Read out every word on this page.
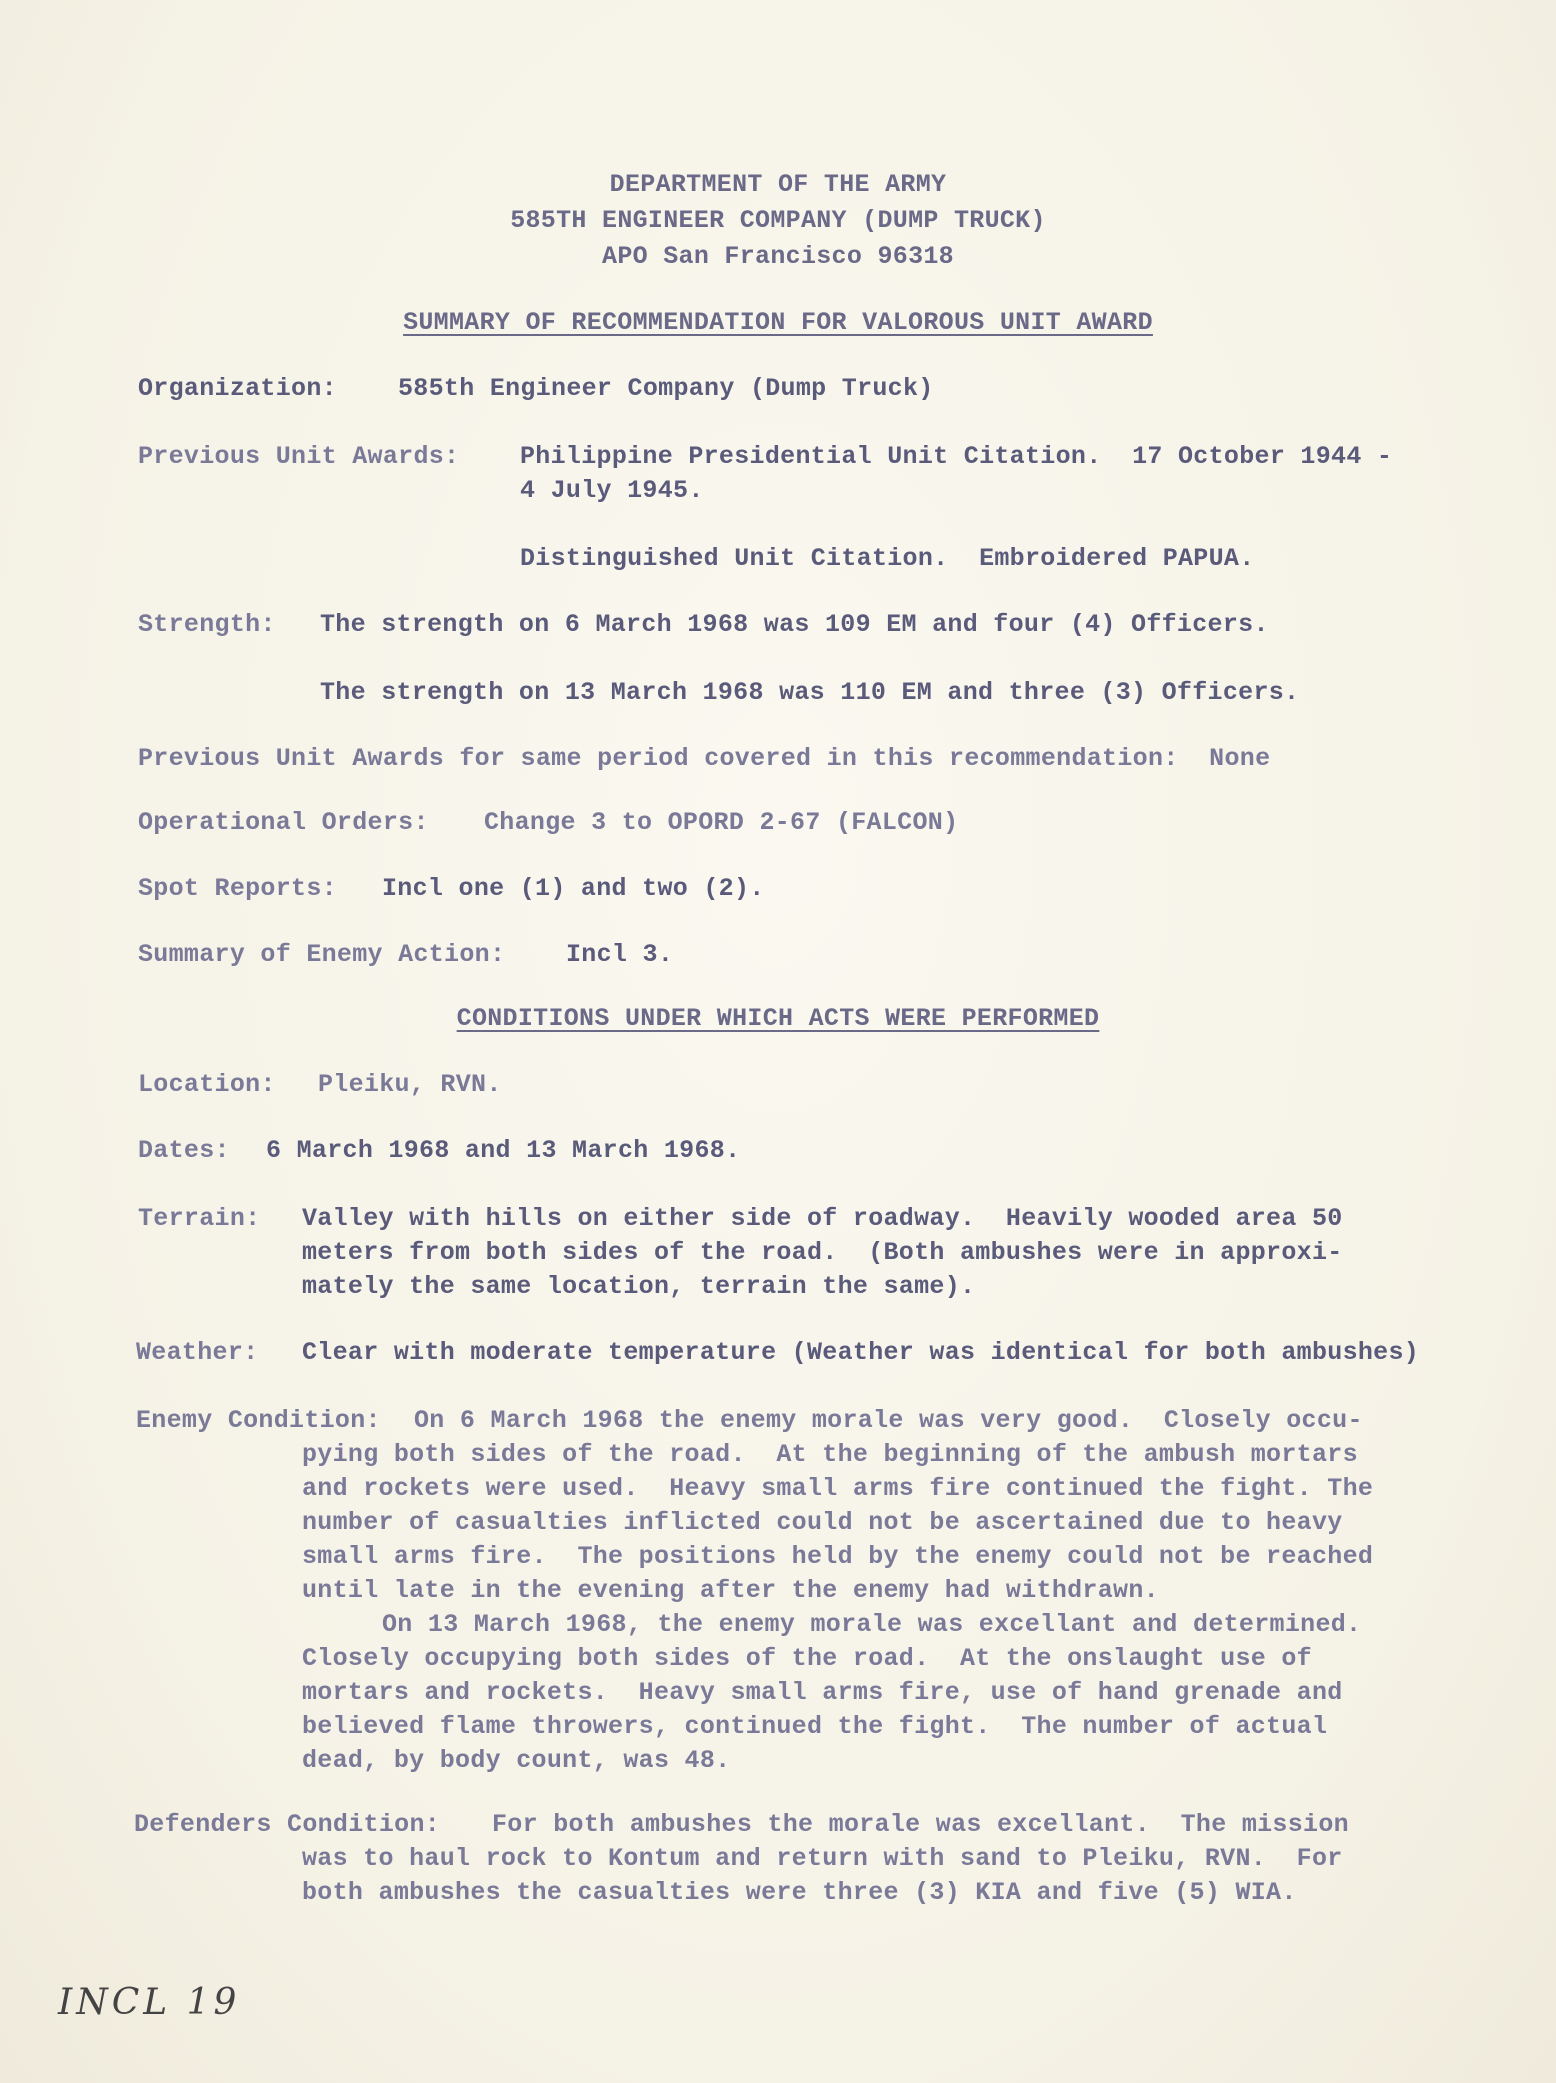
DEPARTMENT OF THE ARMY
585TH ENGINEER COMPANY (DUMP TRUCK)
APO San Francisco 96318
SUMMARY OF RECOMMENDATION FOR VALOROUS UNIT AWARD
Organization: 585th Engineer Company (Dump Truck)
Previous Unit Awards: Philippine Presidential Unit Citation.  17 October 1944 -
4 July 1945.
Distinguished Unit Citation.  Embroidered PAPUA.
Strength: The strength on 6 March 1968 was 109 EM and four (4) Officers.
The strength on 13 March 1968 was 110 EM and three (3) Officers.
Previous Unit Awards for same period covered in this recommendation:  None
Operational Orders: Change 3 to OPORD 2-67 (FALCON)
Spot Reports: Incl one (1) and two (2).
Summary of Enemy Action: Incl 3.
CONDITIONS UNDER WHICH ACTS WERE PERFORMED
Location: Pleiku, RVN.
Dates: 6 March 1968 and 13 March 1968.
Terrain: Valley with hills on either side of roadway.  Heavily wooded area 50
meters from both sides of the road.  (Both ambushes were in approxi-
mately the same location, terrain the same).
Weather: Clear with moderate temperature (Weather was identical for both ambushes)
Enemy Condition: On 6 March 1968 the enemy morale was very good.  Closely occu-
pying both sides of the road.  At the beginning of the ambush mortars
and rockets were used.  Heavy small arms fire continued the fight. The
number of casualties inflicted could not be ascertained due to heavy
small arms fire.  The positions held by the enemy could not be reached
until late in the evening after the enemy had withdrawn.
On 13 March 1968, the enemy morale was excellant and determined.
Closely occupying both sides of the road.  At the onslaught use of
mortars and rockets.  Heavy small arms fire, use of hand grenade and
believed flame throwers, continued the fight.  The number of actual
dead, by body count, was 48.
Defenders Condition: For both ambushes the morale was excellant.  The mission
was to haul rock to Kontum and return with sand to Pleiku, RVN.  For
both ambushes the casualties were three (3) KIA and five (5) WIA.
INCL 19
